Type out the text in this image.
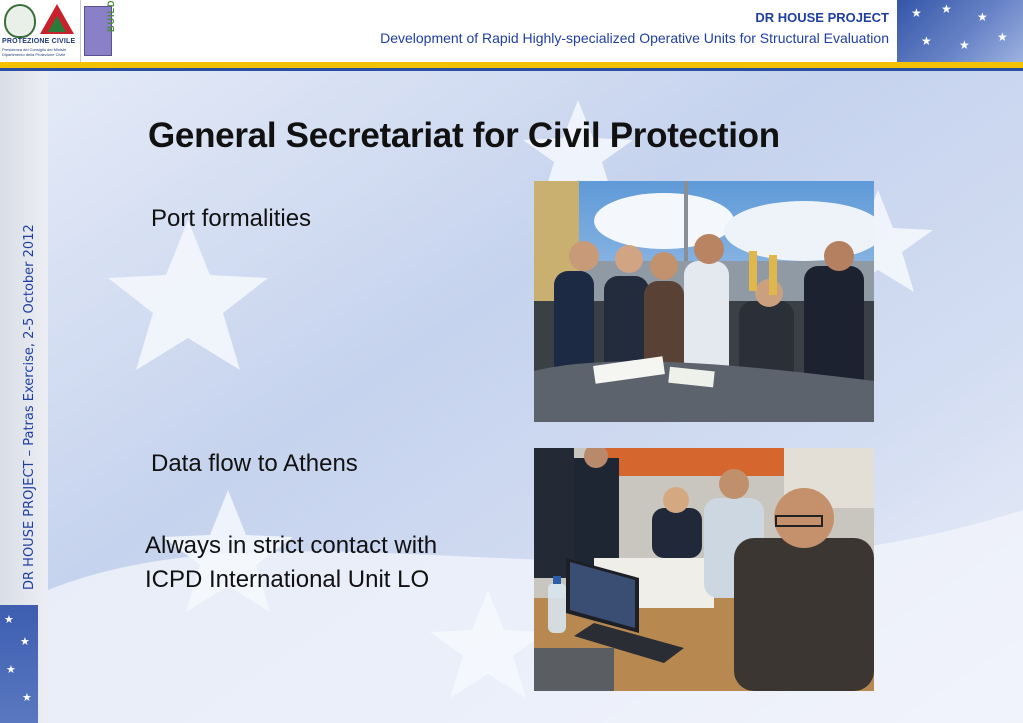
PROTEZIONE CIVILE
Presidenza del Consiglio dei Ministri Dipartimento della Protezione Civile
BUILD	DR HOUSE PROJECT
Development of Rapid Highly-specialized Operative Units for Structural Evaluation
★ ★
★
★ ★
★
★
★
★
★
DR HOUSE PROJECT – Patras Exercise, 2-5 October 2012
General Secretariat for Civil Protection
Port formalities
Data flow to Athens
Always in strict contact with ICPD International Unit LO
